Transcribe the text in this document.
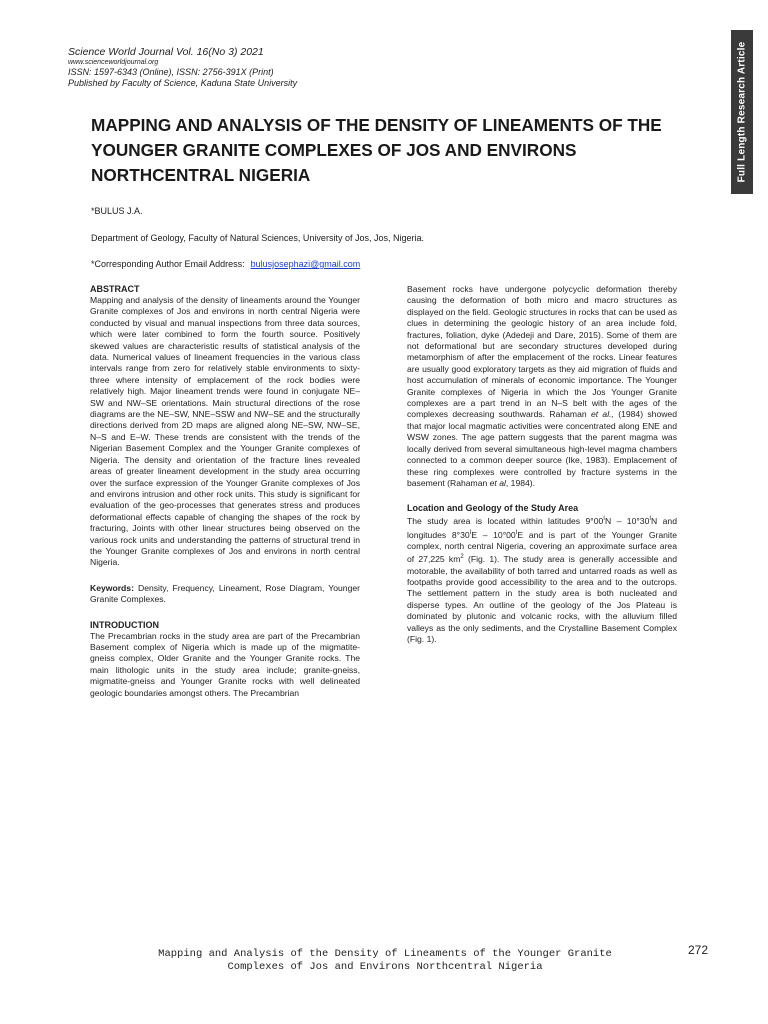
Science World Journal Vol. 16(No 3) 2021
www.scienceworldjournal.org
ISSN: 1597-6343 (Online), ISSN: 2756-391X (Print)
Published by Faculty of Science, Kaduna State University	Full Length Research Article
MAPPING AND ANALYSIS OF THE DENSITY OF LINEAMENTS OF THE YOUNGER GRANITE COMPLEXES OF JOS AND ENVIRONS NORTHCENTRAL NIGERIA
*BULUS J.A.
Department of Geology, Faculty of Natural Sciences, University of Jos, Jos, Nigeria.
*Corresponding Author Email Address: bulusjosephazi@gmail.com
ABSTRACT

Mapping and analysis of the density of lineaments around the Younger Granite complexes of Jos and environs in north central Nigeria were conducted by visual and manual inspections from three data sources, which were later combined to form the fourth source. Positively skewed values are characteristic results of statistical analysis of the data. Numerical values of lineament frequencies in the various class intervals range from zero for relatively stable environments to sixty-three where intensity of emplacement of the rock bodies were relatively high. Major lineament trends were found in conjugate NE–SW and NW–SE orientations. Main structural directions of the rose diagrams are the NE–SW, NNE–SSW and NW–SE and the structurally directions derived from 2D maps are aligned along NE–SW, NW–SE, N–S and E–W. These trends are consistent with the trends of the Nigerian Basement Complex and the Younger Granite complexes of Nigeria. The density and orientation of the fracture lines revealed areas of greater lineament development in the study area occurring over the surface expression of the Younger Granite complexes of Jos and environs intrusion and other rock units. This study is significant for evaluation of the geo-processes that generates stress and produces deformational effects capable of changing the shapes of the rock by fracturing, Joints with other linear structures being observed on the various rock units and understanding the patterns of structural trend in the Younger Granite complexes of Jos and environs in north central Nigeria.

Keywords: Density, Frequency, Lineament, Rose Diagram, Younger Granite Complexes.

INTRODUCTION

The Precambrian rocks in the study area are part of the Precambrian Basement complex of Nigeria which is made up of the migmatite-gneiss complex, Older Granite and the Younger Granite rocks. The main lithologic units in the study area include; granite-gneiss, migmatite-gneiss and Younger Granite rocks with well delineated geologic boundaries amongst others. The Precambrian

Basement rocks have undergone polycyclic deformation thereby causing the deformation of both micro and macro structures as displayed on the field. Geologic structures in rocks that can be used as clues in determining the geologic history of an area include fold, fractures, foliation, dyke (Adedeji and Dare, 2015). Some of them are not deformational but are secondary structures developed during metamorphism of after the emplacement of the rocks. Linear features are usually good exploratory targets as they aid migration of fluids and host accumulation of minerals of economic importance. The Younger Granite complexes of Nigeria in which the Jos Younger Granite complexes are a part trend in an N–S belt with the ages of the complexes decreasing southwards. Rahaman et al., (1984) showed that major local magmatic activities were concentrated along ENE and WSW zones. The age pattern suggests that the parent magma was locally derived from several simultaneous high-level magma chambers connected to a common deeper source (Ike, 1983). Emplacement of these ring complexes were controlled by fracture systems in the basement (Rahaman et al, 1984).

Location and Geology of the Study Area

The study area is located within latitudes $9^\circ 00^IN - 10^\circ 30^IN$ and longitudes $8^\circ 30^IE - 10^\circ 00^IE$ and is part of the Younger Granite complex, north central Nigeria, covering an approximate surface area of 27,225 $km^2$ (Fig. 1). The study area is generally accessible and motorable, the availability of both tarred and untarred roads as well as footpaths provide good accessibility to the area and to the outcrops. The settlement pattern in the study area is both nucleated and disperse types. An outline of the geology of the Jos Plateau is dominated by plutonic and volcanic rocks, with the alluvium filled valleys as the only sediments, and the Crystalline Basement Complex (Fig. 1).

Mapping and Analysis of the Density of Lineaments of the Younger Granite
Complexes of Jos and Environs Northcentral Nigeria
272
